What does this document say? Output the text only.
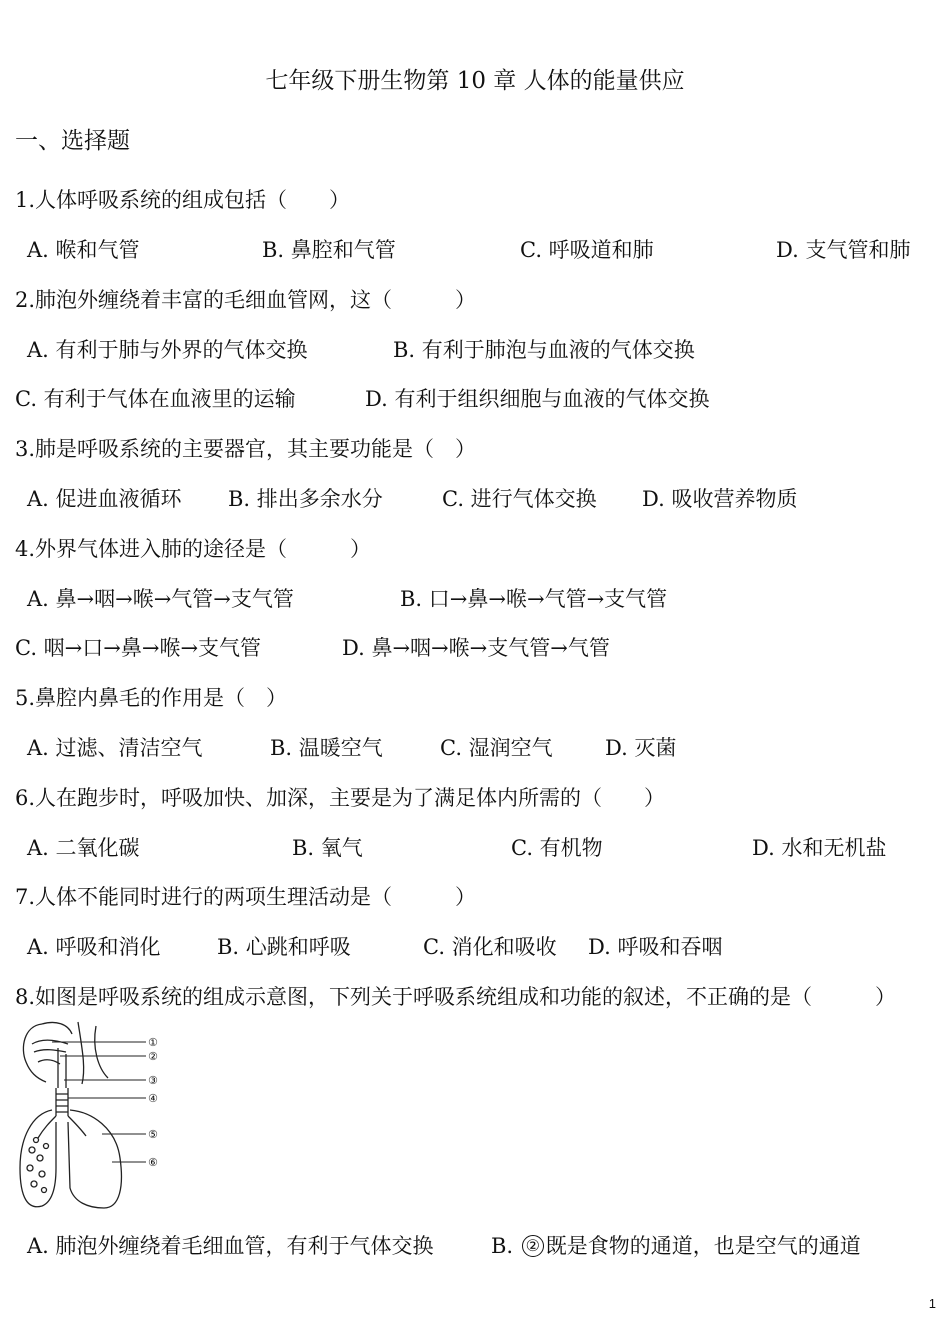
七年级下册生物第 10 章 人体的能量供应
一、选择题
1.人体呼吸系统的组成包括（　　）
A. 喉和气管	B. 鼻腔和气管	C. 呼吸道和肺	D. 支气管和肺
2.肺泡外缠绕着丰富的毛细血管网，这（　　　）
A. 有利于肺与外界的气体交换	B. 有利于肺泡与血液的气体交换
C. 有利于气体在血液里的运输	D. 有利于组织细胞与血液的气体交换
3.肺是呼吸系统的主要器官，其主要功能是（　）
A. 促进血液循环 B. 排出多余水分	C. 进行气体交换 D. 吸收营养物质
4.外界气体进入肺的途径是（　　　）
A. 鼻→咽→喉→气管→支气管	B. 口→鼻→喉→气管→支气管
C. 咽→口→鼻→喉→支气管	D. 鼻→咽→喉→支气管→气管
5.鼻腔内鼻毛的作用是（　）
A. 过滤、清洁空气	B. 温暖空气	C. 湿润空气 D. 灭菌
6.人在跑步时，呼吸加快、加深，主要是为了满足体内所需的（　　）
A. 二氧化碳	B. 氧气	C. 有机物	D. 水和无机盐
7.人体不能同时进行的两项生理活动是（　　　）
A. 呼吸和消化	B. 心跳和呼吸	C. 消化和吸收 D. 呼吸和吞咽
8.如图是呼吸系统的组成示意图，下列关于呼吸系统组成和功能的叙述，不正确的是（　　　）
①
②
③
④
⑤
⑥
A. 肺泡外缠绕着毛细血管，有利于气体交换	B. ② 既是食物的通道，也是空气的通道
1
